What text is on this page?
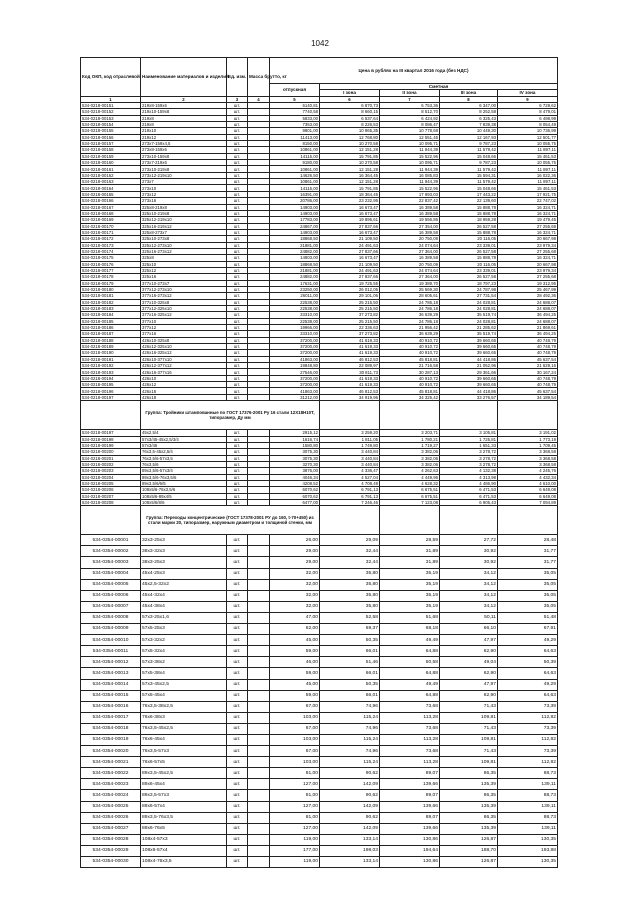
1042
Код ОКП, код отраслевой	Наименование материалов и изделий	Ед. изм.	Масса брутто, кг	Цена в рублях на III квартал 2016 года (без НДС)				
				отпускная	Сметная			
					I зона	II зона	III зона	IV зона
1	2	3	4	5	6	7	8	9
534-0218-00151	219х8-159х6	шт.		6140,81	6 870,73	6 753,36	6 347,00	6 728,62
534-0218-00152	219х10-159х8	шт.		7740,58	8 660,15	8 512,70	8 252,58	8 479,01
534-0218-00153	219х8	шт.		5833,00	6 537,64	6 424,92	6 325,43	6 498,99
534-0218-00154	219х8	шт.		7353,00	8 226,53	8 086,47	7 839,38	8 054,49
534-0218-00155	219х10	шт.		9801,00	10 965,35	10 778,68	10 449,30	10 736,99
534-0218-00156	219х12	шт.		11413,00	12 768,80	12 551,45	12 167,93	12 501,77
534-0218-00157	273х7-159х4,5	шт.		8150,00	10 270,58	10 095,71	9 787,23	10 055,75
534-0218-00158	273х8-159х6	шт.		10861,00	12 151,28	11 944,39	11 579,42	11 897,11
534-0218-00159	273х10-159х8	шт.		14115,00	15 791,85	15 522,96	15 048,66	15 461,53
534-0218-00160	273х7-219х6	шт.		9180,00	10 270,58	10 095,71	9 787,23	10 055,75
534-0218-00161	273х10-219х8	шт.		10861,00	12 151,28	11 944,39	11 579,42	11 897,11
534-0218-00162	273х12-219х10	шт.		14626,50	16 364,45	16 085,83	15 594,31	16 022,36
534-0218-00163	273х7	шт.		10861,00	12 151,28	11 944,39	11 579,42	11 897,11
534-0218-00164	273х10	шт.		14115,00	15 791,85	15 522,96	15 048,66	15 461,53
534-0218-00165	273х12	шт.		16391,00	18 364,45	17 993,03	17 443,22	17 921,75
534-0218-00166	273х16	шт.		20786,00	23 232,95	22 837,42	22 139,60	22 747,02
534-0218-00167	325х8-219х8	шт.		14903,00	16 673,47	16 389,58	15 888,78	16 324,71
534-0218-00168	325х10-219х8	шт.		14903,00	16 673,47	16 389,58	15 888,78	16 324,71
534-0218-00169	325х12-219х10	шт.		17783,00	19 895,61	19 556,86	18 959,28	19 479,45
534-0218-00170	325х16-219х12	шт.		24867,00	27 837,66	27 354,00	26 527,58	27 255,68
534-0218-00171	325х8-273х7	шт.		14903,00	16 673,47	16 389,58	15 888,78	16 324,71
534-0218-00172	325х10-273х8	шт.		18868,50	21 109,50	20 750,09	20 116,05	20 667,98
534-0218-00173	325х12-273х10	шт.		21881,00	24 491,63	24 074,64	23 339,01	23 979,34
534-0218-00174	325х16-273х12	шт.		24882,00	27 837,66	27 364,00	26 527,58	27 255,68
534-0218-00175	325х8	шт.		14903,00	16 673,47	16 389,58	15 888,78	16 324,71
534-0218-00176	325х10	шт.		18868,50	21 109,50	20 750,09	20 116,05	20 667,98
534-0218-00177	325х12	шт.		21881,00	24 491,63	24 074,64	23 339,01	23 979,34
534-0218-00178	325х16	шт.		24882,00	27 837,66	27 364,00	26 527,58	27 255,68
534-0218-00179	377х10-273х7	шт.		17631,00	19 725,55	19 389,70	18 797,23	19 312,95
534-0218-00180	377х12-273х10	шт.		23250,00	26 012,05	25 569,30	24 787,98	25 467,99
534-0218-00181	377х16-273х12	шт.		26011,00	29 101,06	28 605,61	27 731,54	28 492,36
534-0218-00182	377х10-325х8	шт.		22538,00	25 215,50	24 786,18	24 028,81	24 688,07
534-0218-00183	377х12-325х10	шт.		22538,00	25 215,50	24 786,18	24 028,81	24 688,07
534-0218-00184	377х16-325х12	шт.		33310,00	37 273,82	36 639,29	35 519,74	36 494,25
534-0218-00185	377х10	шт.		22538,00	25 215,50	24 786,18	24 028,81	24 688,07
534-0218-00186	377х12	шт.		19966,00	22 336,63	21 956,42	21 285,62	21 869,61
534-0218-00187	377х16	шт.		33310,00	37 273,82	36 639,29	35 519,74	36 494,25
534-0218-00188	426х10-325х8	шт.		37200,00	41 619,33	40 910,72	39 660,65	40 748,79
534-0218-00189	426х12-325х10	шт.		37200,00	41 619,33	40 910,72	39 660,65	40 748,79
534-0218-00190	426х16-325х12	шт.		37200,00	41 619,33	40 910,72	39 660,65	40 748,79
534-0218-00191	426х10-377х10	шт.		41863,00	46 812,53	45 818,81	44 418,86	45 637,54
534-0218-00192	426х12-377х12	шт.		19848,80	22 089,97	21 716,58	21 052,96	21 629,16
534-0218-00193	426х16-377х16	шт.		27546,00	30 811,73	30 287,13	29 361,66	30 167,24
534-0218-00194	426х10	шт.		37200,00	41 619,33	40 910,72	39 660,65	40 748,79
534-0218-00195	426х12	шт.		37200,00	41 619,33	40 910,72	39 660,65	40 748,79
534-0218-00196	426х16	шт.		41863,00	46 812,53	45 818,81	44 418,86	45 637,54
534-0218-00197	426х18	шт.		31212,00	34 919,96	34 325,42	33 276,57	34 189,54
	Группа: Тройники штампованные по ГОСТ 17376-2001 Ру 16 стали 12Х18Н10Т, типоразмер, Ду мм							
534-0218-00197	45х2,5/4	шт.		2915,12	3 259,20	3 203,71	3 105,81	3 191,02
534-0218-00198	57х3/45-45х2,5/3/4	шт.		1616,74	1 811,05	1 780,21	1 725,81	1 773,19
534-0218-00199	57х3/45	шт.		1580,80	1 749,80	1 719,27	1 651,33	1 709,45
534-0218-00200	76х3,5-45х2,5/4	шт.		3075,30	3 440,84	3 382,06	3 278,72	3 368,58
534-0218-00201	76х3,5/6-57х3,5	шт.		3075,30	3 440,84	3 382,06	3 278,72	3 368,58
534-0218-00202	76х3,5/6	шт.		3270,30	3 440,84	3 382,06	3 278,72	3 368,58
534-0218-00203	89х3,5/6-57х3/4	шт.		3876,00	4 336,47	4 262,63	4 132,38	4 245,76
534-0218-00204	89х3,5/6-76х3,5/6	шт.		4046,34	4 527,04	4 449,96	4 313,98	4 432,34
534-0218-00205	89х3,5/6/6/5	шт.		4208,52	4 708,49	4 628,32	4 486,90	4 610,00
534-0218-00206	108х5/6-76х3,5/6	шт.		6070,62	6 791,13	6 675,51	6 471,53	6 649,08
534-0218-00207	108х5/6-89х4/5	шт.		6070,62	6 791,13	6 675,51	6 471,53	6 649,08
534-0218-00208	108х5/6/8/6	шт.		6477,00	7 246,46	7 123,08	6 905,43	7 094,89
	Группа: Переходы концентрические (ГОСТ 17378-2001 РУ до 160, t-70+450) из стали марки 20, типоразмер, наружным диаметром и толщиной стенки, мм							
534-0354-00001	32х3-25х3	шт.		26,00	29,09	28,59	27,72	28,48
534-0354-00002	38х3-32х3	шт.		29,00	32,44	31,89	30,92	31,77
534-0354-00003	38х3-25х3	шт.		29,00	32,44	31,89	30,92	31,77
534-0354-00004	45х4-25х3	шт.		32,00	35,80	35,19	34,12	35,05
534-0354-00005	45х2,5-32х2	шт.		32,00	35,80	35,19	34,12	35,05
534-0354-00006	45х4-32х4	шт.		32,00	35,80	35,19	34,12	35,05
534-0354-00007	45х4-38х4	шт.		32,00	35,80	35,19	34,12	35,05
534-0354-00008	57х3-25х1,6	шт.		47,00	52,58	51,68	50,11	51,48
534-0354-00009	57х5-25х3	шт.		62,00	69,37	68,18	66,10	67,91
534-0354-00010	57х3-32х2	шт.		45,00	50,35	49,49	47,97	49,29
534-0354-00011	57х5-32х4	шт.		59,00	66,01	64,88	62,90	64,63
534-0354-00012	57х3-38х2	шт.		46,00	51,46	50,58	49,04	50,39
534-0354-00013	57х5-38х4	шт.		59,00	66,01	64,88	62,90	64,63
534-0354-00014	57х3-45х2,5	шт.		45,00	50,35	49,49	47,97	49,29
534-0354-00015	57х5-45х4	шт.		59,00	66,01	64,88	62,90	64,63
534-0354-00016	76х3,5-38х2,5	шт.		67,00	74,96	73,68	71,43	73,39
534-0354-00017	76х6-38х3	шт.		103,00	115,24	113,28	109,81	112,82
534-0354-00018	76х3,5-45х2,5	шт.		67,00	74,96	73,68	71,43	73,39
534-0354-00019	76х6-45х4	шт.		103,00	115,24	113,28	109,81	112,82
534-0354-00020	76х3,5-57х3	шт.		67,00	74,96	73,68	71,43	73,39
534-0354-00021	76х6-57х5	шт.		103,00	115,24	113,28	109,81	112,82
534-0354-00022	89х3,5-45х2,5	шт.		81,00	90,62	89,07	86,35	88,73
534-0354-00023	89х6-45х4	шт.		127,00	142,09	139,66	135,39	139,11
534-0354-00024	89х3,5-57х3	шт.		81,00	90,62	89,07	86,35	88,73
534-0354-00025	89х6-57х4	шт.		127,00	142,09	139,66	135,39	139,11
534-0354-00026	89х3,5-76х3,5	шт.		81,00	90,62	89,07	86,35	88,73
534-0354-00027	89х6-76х5	шт.		127,00	142,09	139,66	135,39	139,11
534-0354-00028	108х4-57х3	шт.		119,00	133,14	130,86	126,87	130,35
534-0354-00029	108х6-57х4	шт.		177,00	198,03	194,64	188,70	193,88
534-0354-00030	108х4-76х3,5	шт.		119,00	133,14	130,86	126,87	130,35
